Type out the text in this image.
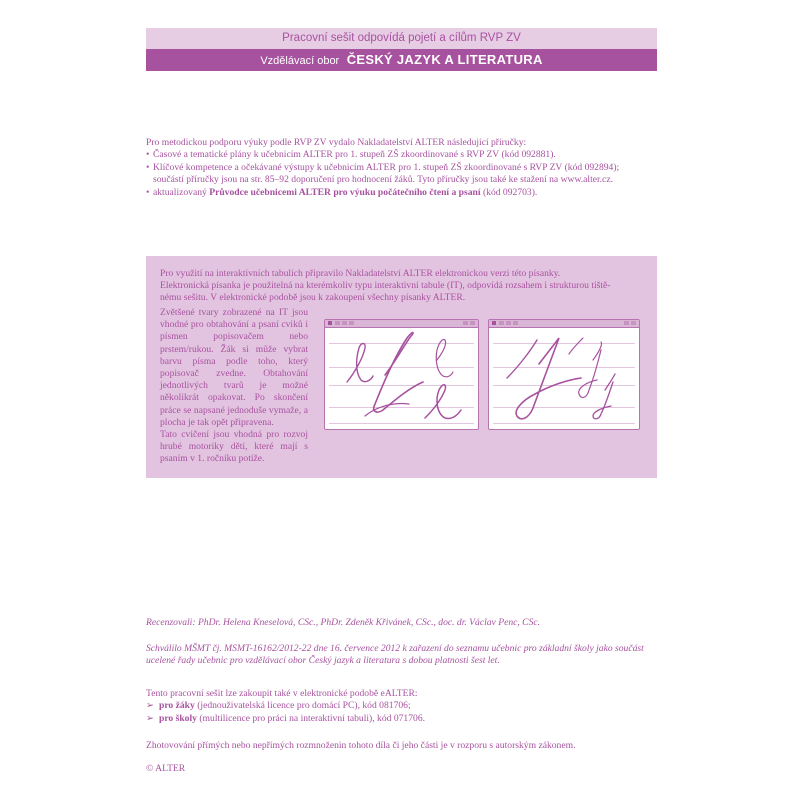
Pracovní sešit odpovídá pojetí a cílům RVP ZV
Vzdělávací obor ČESKÝ JAZYK A LITERATURA

Pro metodickou podporu výuky podle RVP ZV vydalo Nakladatelství ALTER následující příručky:

• Časové a tematické plány k učebnicím ALTER pro 1. stupeň ZŠ zkoordinované s RVP ZV (kód 092881).

• Klíčové kompetence a očekávané výstupy k učebnicím ALTER pro 1. stupeň ZŠ zkoordinované s RVP ZV (kód 092894);

součástí příručky jsou na str. 85–92 doporučení pro hodnocení žáků. Tyto příručky jsou také ke stažení na www.alter.cz.

• aktualizovaný Průvodce učebnicemi ALTER pro výuku počátečního čtení a psaní (kód 092703).

Pro využití na interaktivních tabulích připravilo Nakladatelství ALTER elektronickou verzi této písanky.

Elektronická písanka je použitelná na kterémkoliv typu interaktivní tabule (IT), odpovídá rozsahem i strukturou tiště-

nému sešitu. V elektronické podobě jsou k zakoupení všechny písanky ALTER.

Zvětšené tvary zobrazené na IT jsou vhodné pro obtahování a psaní cviků i písmen popisovačem nebo prstem/rukou. Žák si může vybrat barvu písma podle toho, který popisovač zvedne. Obtahování jednotlivých tvarů je možné několikrát opakovat. Po skončení práce se napsané jednoduše vymaže, a plocha je tak opět připravena.

Tato cvičení jsou vhodná pro rozvoj hrubé motoriky dětí, které mají s psaním v 1. ročníku potíže.

Recenzovali: PhDr. Helena Kneselová, CSc., PhDr. Zdeněk Křivánek, CSc., doc. dr. Václav Penc, CSc.
Schválilo MŠMT čj. MSMT-16162/2012-22 dne 16. července 2012 k zařazení do seznamu učebnic pro základní školy jako součást ucelené řady učebnic pro vzdělávací obor Český jazyk a literatura s dobou platnosti šest let.

Tento pracovní sešit lze zakoupit také v elektronické podobě eALTER:

➢ pro žáky (jednouživatelská licence pro domácí PC), kód 081706;

➢ pro školy (multilicence pro práci na interaktivní tabuli), kód 071706.

Zhotovování přímých nebo nepřímých rozmnoženin tohoto díla či jeho části je v rozporu s autorským zákonem.
© ALTER
